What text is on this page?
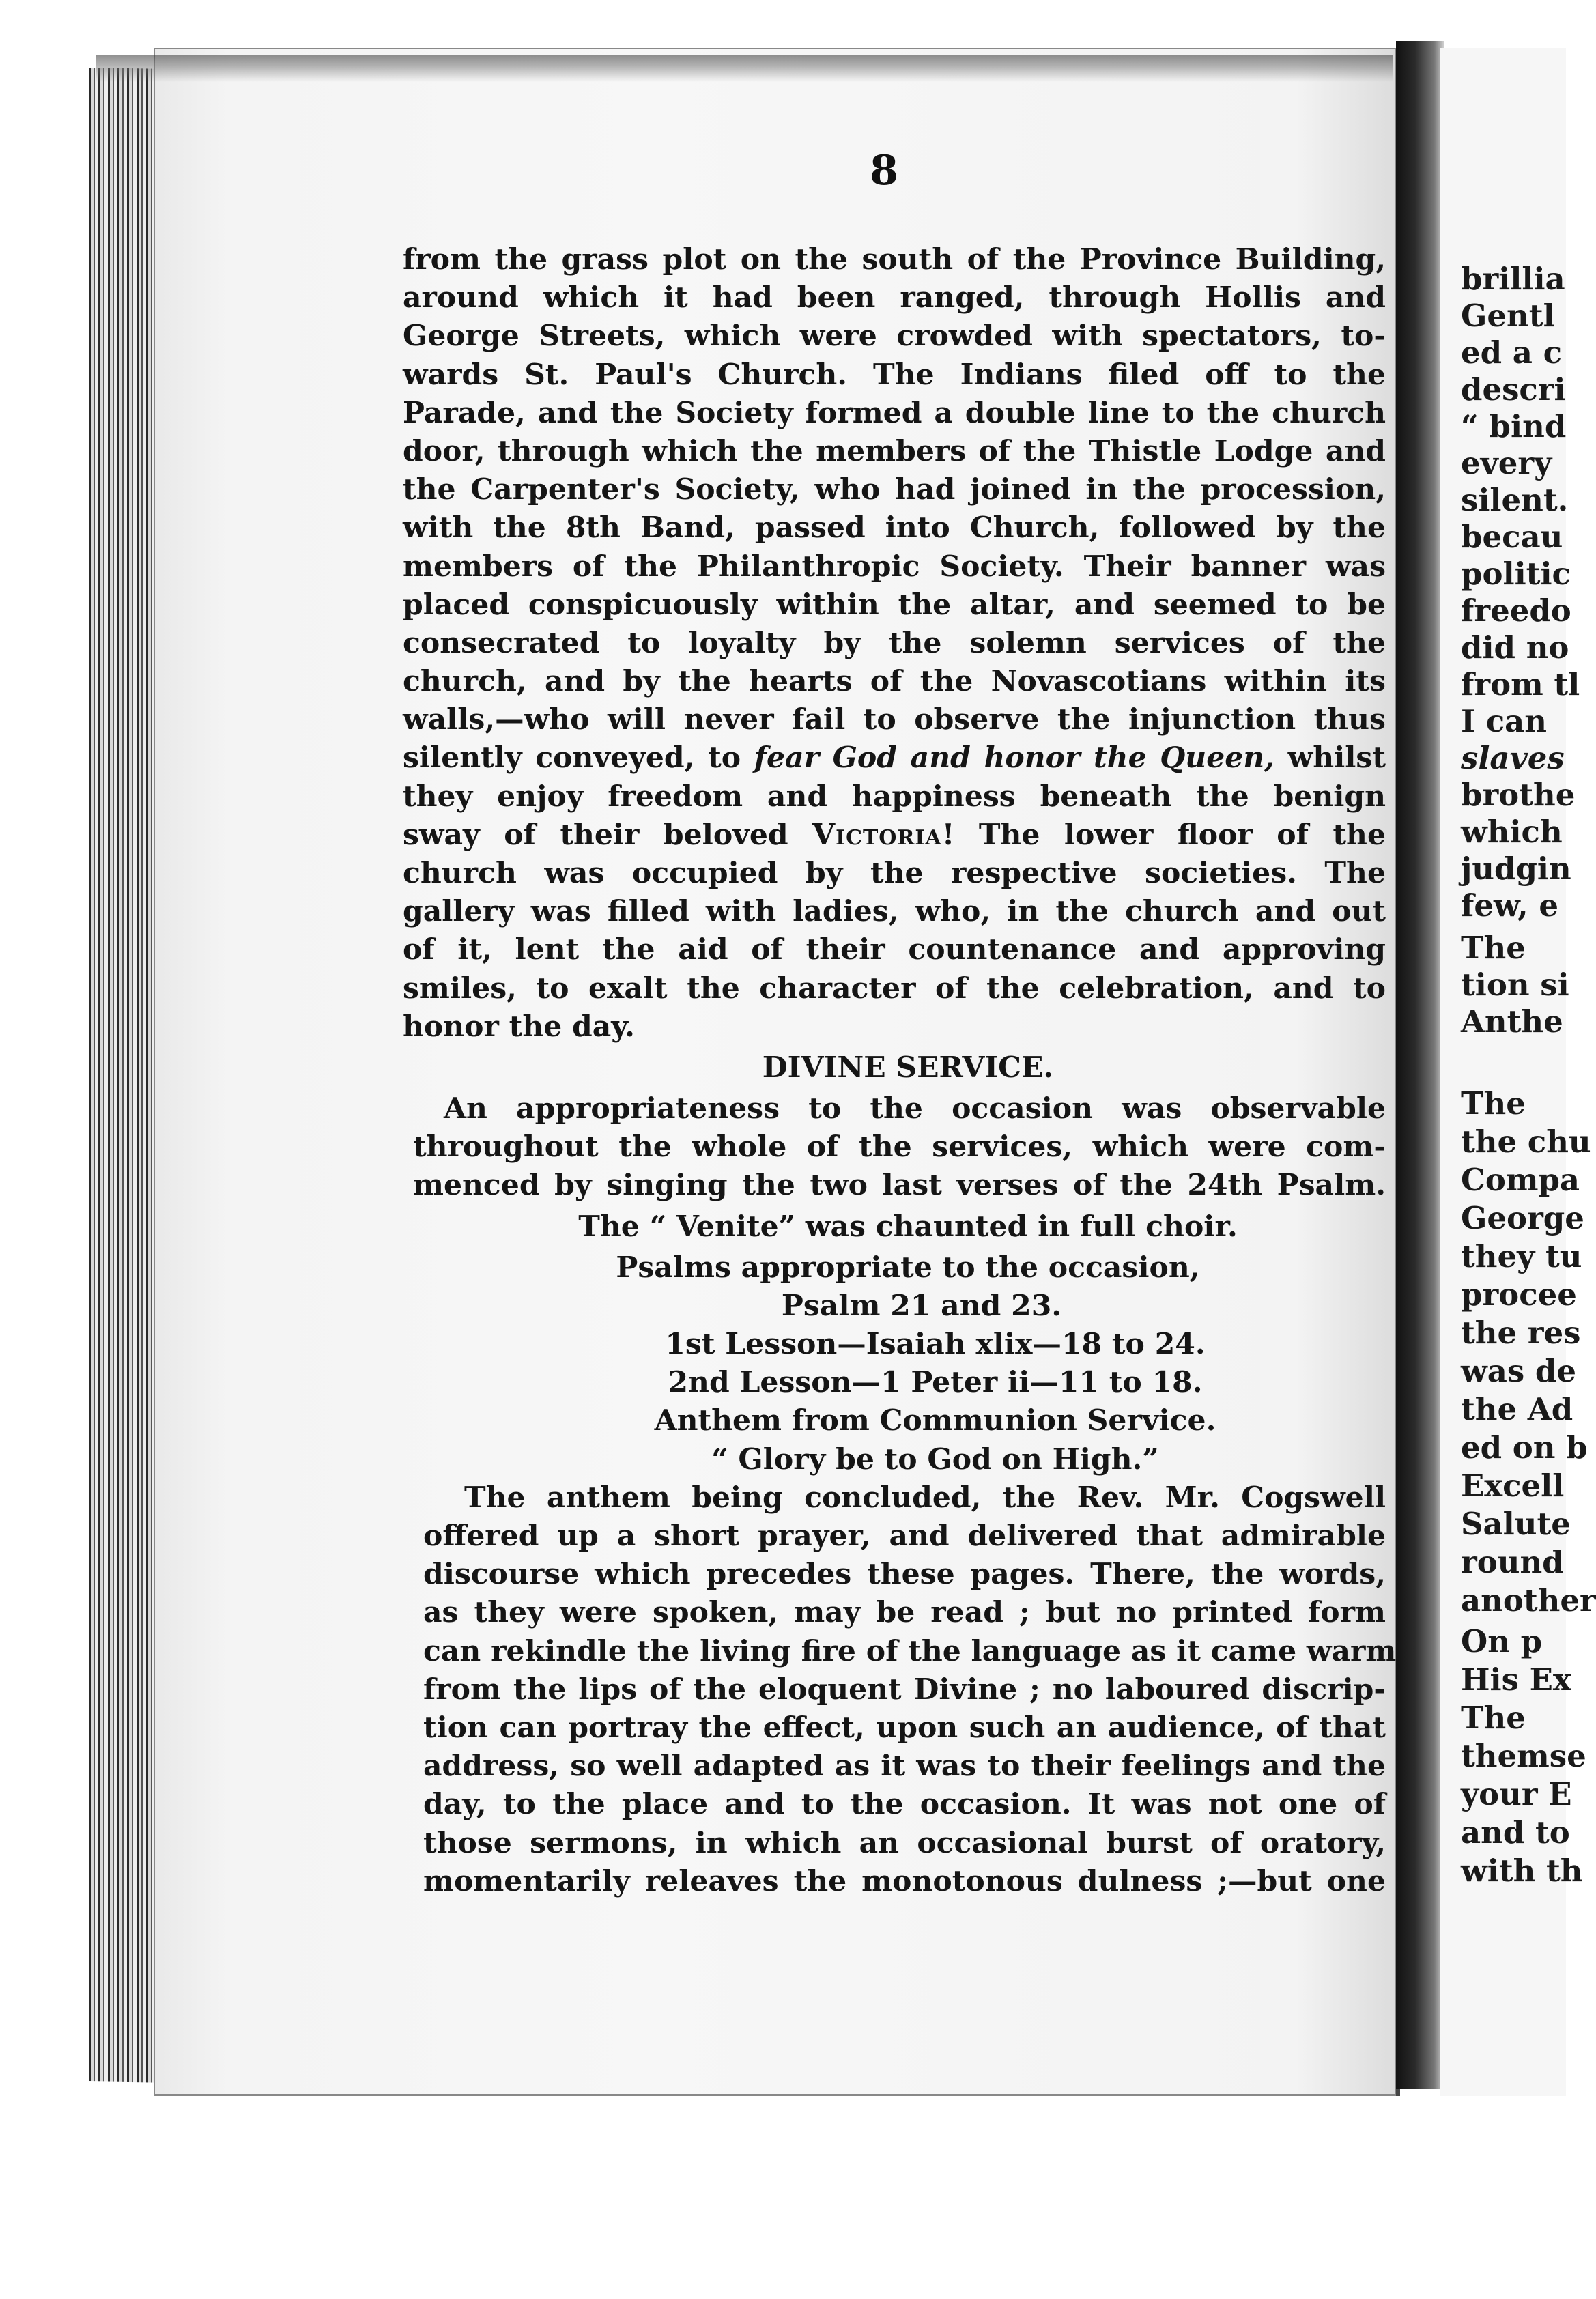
brillia
Gentl
ed a c
descri
“ bind
every
silent.
becau
politic
freedo
did no
from tl
I can
slaves
brothe
which
judgin
few, e
The
tion si
Anthe
The
the chu
Compa
George
they tu
procee
the res
was de
the Ad
ed on b
Excell
Salute
round
another
On p
His Ex
The
themse
your E
and to
with th
8
from the grass plot on the south of the Province Building,
around which it had been ranged, through Hollis and
George Streets, which were crowded with spectators, to-
wards St. Paul's Church. The Indians filed off to the
Parade, and the Society formed a double line to the church
door, through which the members of the Thistle Lodge and
the Carpenter's Society, who had joined in the procession,
with the 8th Band, passed into Church, followed by the
members of the Philanthropic Society. Their banner was
placed conspicuously within the altar, and seemed to be
consecrated to loyalty by the solemn services of the
church, and by the hearts of the Novascotians within its
walls,—who will never fail to observe the injunction thus
silently conveyed, to fear God and honor the Queen, whilst
they enjoy freedom and happiness beneath the benign
sway of their beloved Victoria! The lower floor of the
church was occupied by the respective societies. The
gallery was filled with ladies, who, in the church and out
of it, lent the aid of their countenance and approving
smiles, to exalt the character of the celebration, and to
honor the day.
DIVINE SERVICE.
An appropriateness to the occasion was observable
throughout the whole of the services, which were com-
menced by singing the two last verses of the 24th Psalm.
The “ Venite” was chaunted in full choir.
Psalms appropriate to the occasion,
Psalm 21 and 23.
1st Lesson—Isaiah xlix—18 to 24.
2nd Lesson—1 Peter ii—11 to 18.
Anthem from Communion Service.
“ Glory be to God on High.”
The anthem being concluded, the Rev. Mr. Cogswell
offered up a short prayer, and delivered that admirable
discourse which precedes these pages. There, the words,
as they were spoken, may be read ; but no printed form
can rekindle the living fire of the language as it came warm
from the lips of the eloquent Divine ; no laboured discrip-
tion can portray the effect, upon such an audience, of that
address, so well adapted as it was to their feelings and the
day, to the place and to the occasion. It was not one of
those sermons, in which an occasional burst of oratory,
momentarily releaves the monotonous dulness ;—but one
